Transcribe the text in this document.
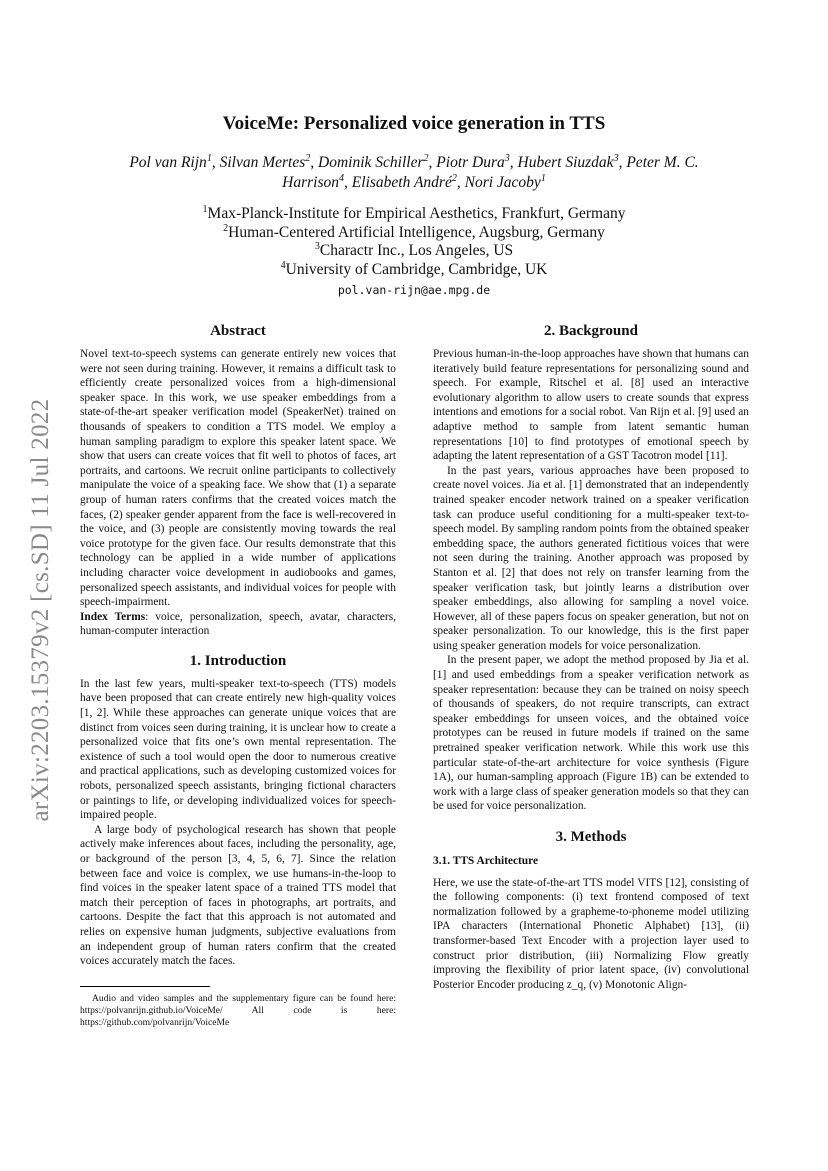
arXiv:2203.15379v2 [cs.SD] 11 Jul 2022
VoiceMe: Personalized voice generation in TTS
Pol van Rijn$^1$, Silvan Mertes$^2$, Dominik Schiller$^2$, Piotr Dura$^3$, Hubert Siuzdak$^3$, Peter M. C. Harrison$^4$, Elisabeth André$^2$, Nori Jacoby$^1$
$^1$Max-Planck-Institute for Empirical Aesthetics, Frankfurt, Germany
$^2$Human-Centered Artificial Intelligence, Augsburg, Germany
$^3$Charactr Inc., Los Angeles, US
$^4$University of Cambridge, Cambridge, UK
pol.van-rijn@ae.mpg.de
Abstract

Novel text-to-speech systems can generate entirely new voices that were not seen during training. However, it remains a difficult task to efficiently create personalized voices from a high-dimensional speaker space. In this work, we use speaker embeddings from a state-of-the-art speaker verification model (SpeakerNet) trained on thousands of speakers to condition a TTS model. We employ a human sampling paradigm to explore this speaker latent space. We show that users can create voices that fit well to photos of faces, art portraits, and cartoons. We recruit online participants to collectively manipulate the voice of a speaking face. We show that (1) a separate group of human raters confirms that the created voices match the faces, (2) speaker gender apparent from the face is well-recovered in the voice, and (3) people are consistently moving towards the real voice prototype for the given face. Our results demonstrate that this technology can be applied in a wide number of applications including character voice development in audiobooks and games, personalized speech assistants, and individual voices for people with speech-impairment.

Index Terms: voice, personalization, speech, avatar, characters, human-computer interaction

1. Introduction

In the last few years, multi-speaker text-to-speech (TTS) models have been proposed that can create entirely new high-quality voices [1, 2]. While these approaches can generate unique voices that are distinct from voices seen during training, it is unclear how to create a personalized voice that fits one’s own mental representation. The existence of such a tool would open the door to numerous creative and practical applications, such as developing customized voices for robots, personalized speech assistants, bringing fictional characters or paintings to life, or developing individualized voices for speech-impaired people.

A large body of psychological research has shown that people actively make inferences about faces, including the personality, age, or background of the person [3, 4, 5, 6, 7]. Since the relation between face and voice is complex, we use humans-in-the-loop to find voices in the speaker latent space of a trained TTS model that match their perception of faces in photographs, art portraits, and cartoons. Despite the fact that this approach is not automated and relies on expensive human judgments, subjective evaluations from an independent group of human raters confirm that the created voices accurately match the faces.

Audio and video samples and the supplementary figure can be found here: https://polvanrijn.github.io/VoiceMe/ All code is here: https://github.com/polvanrijn/VoiceMe

2. Background

Previous human-in-the-loop approaches have shown that humans can iteratively build feature representations for personalizing sound and speech. For example, Ritschel et al. [8] used an interactive evolutionary algorithm to allow users to create sounds that express intentions and emotions for a social robot. Van Rijn et al. [9] used an adaptive method to sample from latent semantic human representations [10] to find prototypes of emotional speech by adapting the latent representation of a GST Tacotron model [11].

In the past years, various approaches have been proposed to create novel voices. Jia et al. [1] demonstrated that an independently trained speaker encoder network trained on a speaker verification task can produce useful conditioning for a multi-speaker text-to-speech model. By sampling random points from the obtained speaker embedding space, the authors generated fictitious voices that were not seen during the training. Another approach was proposed by Stanton et al. [2] that does not rely on transfer learning from the speaker verification task, but jointly learns a distribution over speaker embeddings, also allowing for sampling a novel voice. However, all of these papers focus on speaker generation, but not on speaker personalization. To our knowledge, this is the first paper using speaker generation models for voice personalization.

In the present paper, we adopt the method proposed by Jia et al. [1] and used embeddings from a speaker verification network as speaker representation: because they can be trained on noisy speech of thousands of speakers, do not require transcripts, can extract speaker embeddings for unseen voices, and the obtained voice prototypes can be reused in future models if trained on the same pretrained speaker verification network. While this work use this particular state-of-the-art architecture for voice synthesis (Figure 1A), our human-sampling approach (Figure 1B) can be extended to work with a large class of speaker generation models so that they can be used for voice personalization.

3. Methods
3.1. TTS Architecture

Here, we use the state-of-the-art TTS model VITS [12], consisting of the following components: (i) text frontend composed of text normalization followed by a grapheme-to-phoneme model utilizing IPA characters (International Phonetic Alphabet) [13], (ii) transformer-based Text Encoder with a projection layer used to construct prior distribution, (iii) Normalizing Flow greatly improving the flexibility of prior latent space, (iv) convolutional Posterior Encoder producing z_q, (v) Monotonic Align-
